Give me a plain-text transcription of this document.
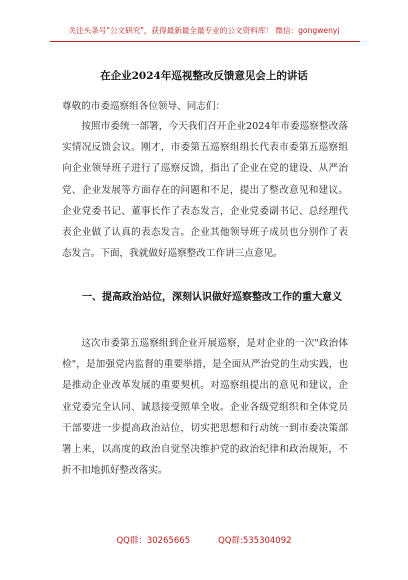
关注头条号"公文研究"，获得最新最全最专业的公文资料库！ 微信：gongwenyj
在企业2024年巡视整改反馈意见会上的讲话
尊敬的市委巡察组各位领导、同志们：

按照市委统一部署，今天我们召开企业2024年市委巡察整改落实情况反馈会议。刚才，市委第五巡察组组长代表市委第五巡察组向企业领导班子进行了巡察反馈，指出了企业在党的建设、从严治党、企业发展等方面存在的问题和不足，提出了整改意见和建议。企业党委书记、董事长作了表态发言，企业党委副书记、总经理代表企业做了认真的表态发言。企业其他领导班子成员也分别作了表态发言。下面，我就做好巡察整改工作讲三点意见。

一、提高政治站位，深刻认识做好巡察整改工作的重大意义

这次市委第五巡察组到企业开展巡察，是对企业的一次"政治体检"，是加强党内监督的重要举措，是全面从严治党的生动实践，也是推动企业改革发展的重要契机。对巡察组提出的意见和建议，企业党委完全认同、诚恳接受照单全收。企业各级党组织和全体党员干部要进一步提高政治站位，切实把思想和行动统一到市委决策部署上来，以高度的政治自觉坚决维护党的政治纪律和政治规矩，不折不扣地抓好整改落实。

QQ群：30265665	QQ群:535304092
